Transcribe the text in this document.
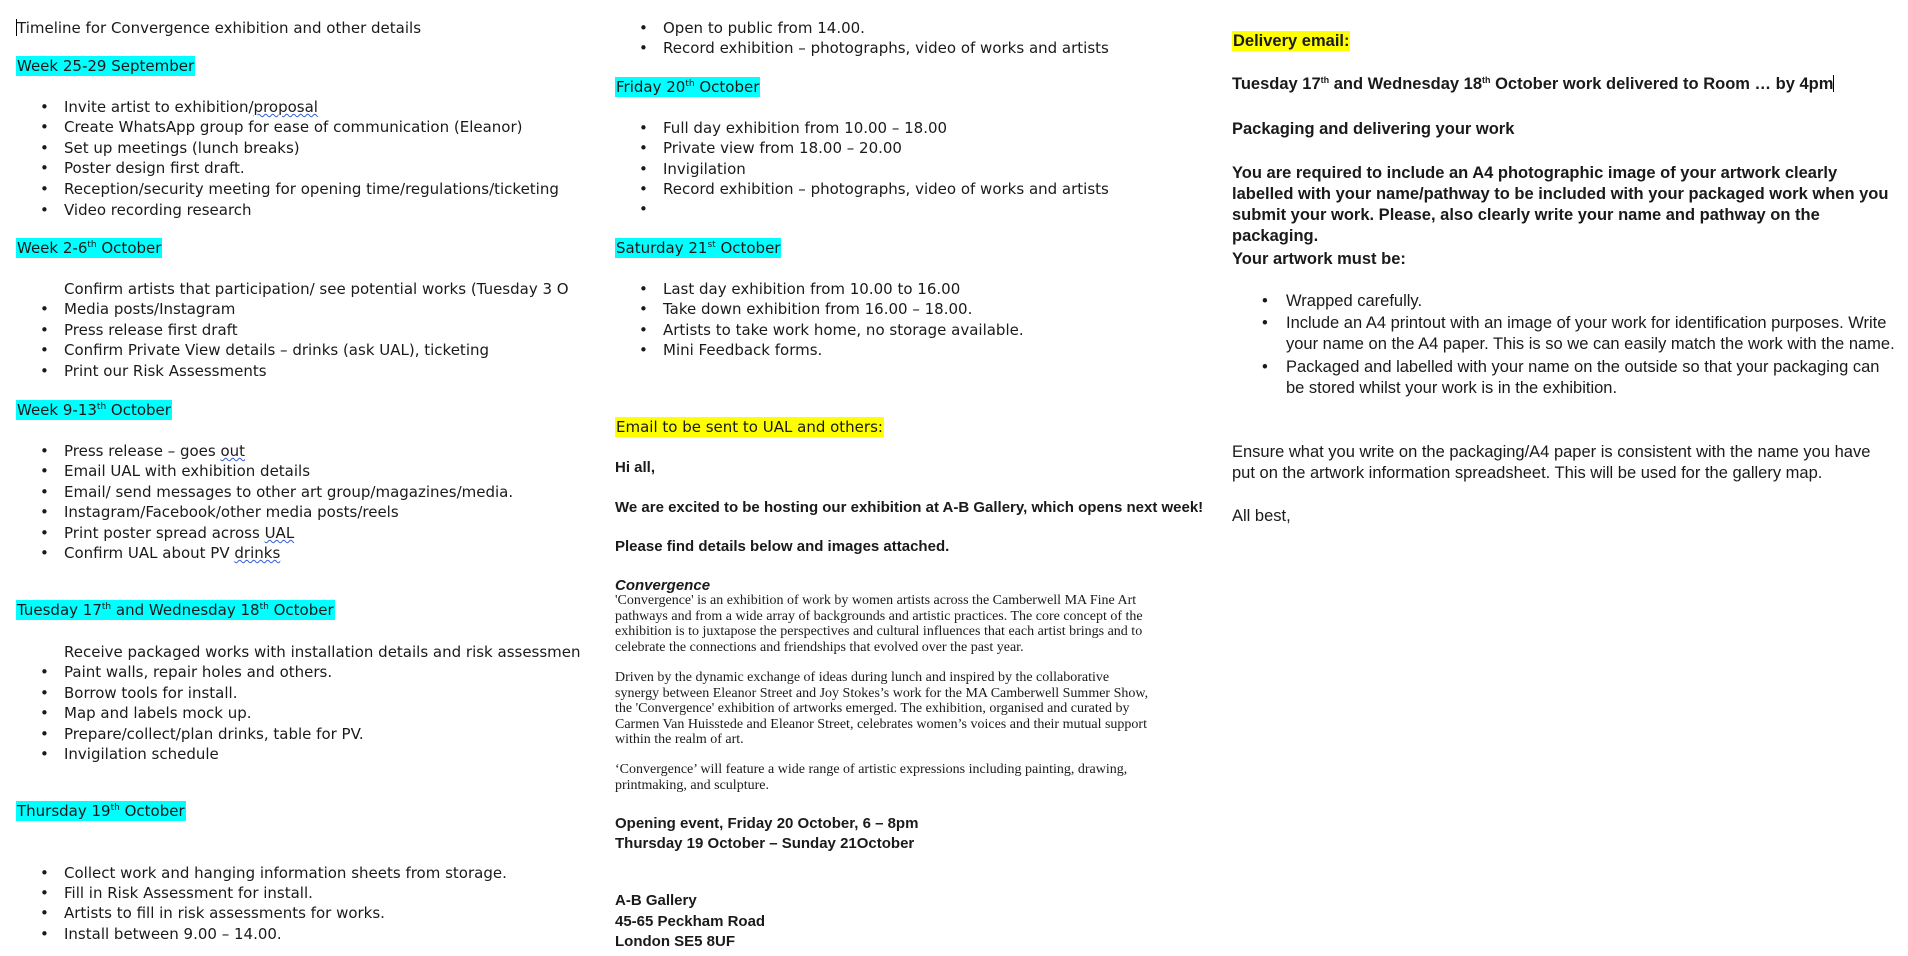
Timeline for Convergence exhibition and other details
Week 25-29 September
• Invite artist to exhibition/proposal
• Create WhatsApp group for ease of communication (Eleanor)
• Set up meetings (lunch breaks)
• Poster design first draft.
• Reception/security meeting for opening time/regulations/ticketing
• Video recording research
Week 2-6th October
• Confirm artists that participation/ see potential works (Tuesday 3 O
• Media posts/Instagram
• Press release first draft
• Confirm Private View details – drinks (ask UAL), ticketing
• Print our Risk Assessments
Week 9-13th October
• Press release – goes out
• Email UAL with exhibition details
• Email/ send messages to other art group/magazines/media.
• Instagram/Facebook/other media posts/reels
• Print poster spread across UAL
• Confirm UAL about PV drinks
Tuesday 17th and Wednesday 18th October
• Receive packaged works with installation details and risk assessmen
• Paint walls, repair holes and others.
• Borrow tools for install.
• Map and labels mock up.
• Prepare/collect/plan drinks, table for PV.
• Invigilation schedule
Thursday 19th October
• Collect work and hanging information sheets from storage.
• Fill in Risk Assessment for install.
• Artists to fill in risk assessments for works.
• Install between 9.00 – 14.00.
• Open to public from 14.00.
• Record exhibition – photographs, video of works and artists
Friday 20th October
• Full day exhibition from 10.00 – 18.00
• Private view from 18.00 – 20.00
• Invigilation
• Record exhibition – photographs, video of works and artists
Saturday 21st October
• Last day exhibition from 10.00 to 16.00
• Take down exhibition from 16.00 – 18.00.
• Artists to take work home, no storage available.
• Mini Feedback forms.
Email to be sent to UAL and others:
Hi all,
We are excited to be hosting our exhibition at A-B Gallery, which opens next week!
Please find details below and images attached.
Convergence
'Convergence' is an exhibition of work by women artists across the Camberwell MA Fine Art
pathways and from a wide array of backgrounds and artistic practices. The core concept of the
exhibition is to juxtapose the perspectives and cultural influences that each artist brings and to
celebrate the connections and friendships that evolved over the past year.
Driven by the dynamic exchange of ideas during lunch and inspired by the collaborative
synergy between Eleanor Street and Joy Stokes’s work for the MA Camberwell Summer Show,
the 'Convergence' exhibition of artworks emerged. The exhibition, organised and curated by
Carmen Van Huisstede and Eleanor Street, celebrates women’s voices and their mutual support
within the realm of art.
‘Convergence’ will feature a wide range of artistic expressions including painting, drawing,
printmaking, and sculpture.
Opening event, Friday 20 October, 6 – 8pm
Thursday 19 October – Sunday 21October
A-B Gallery
45-65 Peckham Road
London SE5 8UF
Delivery email:
Tuesday 17th and Wednesday 18th October work delivered to Room … by 4pm
Packaging and delivering your work
You are required to include an A4 photographic image of your artwork clearly labelled with your name/pathway to be included with your packaged work when you submit your work. Please, also clearly write your name and pathway on the packaging.
Your artwork must be:
• Wrapped carefully.
• Include an A4 printout with an image of your work for identification purposes. Write your name on the A4 paper. This is so we can easily match the work with the name.
• Packaged and labelled with your name on the outside so that your packaging can be stored whilst your work is in the exhibition.
Ensure what you write on the packaging/A4 paper is consistent with the name you have put on the artwork information spreadsheet. This will be used for the gallery map.
All best,
